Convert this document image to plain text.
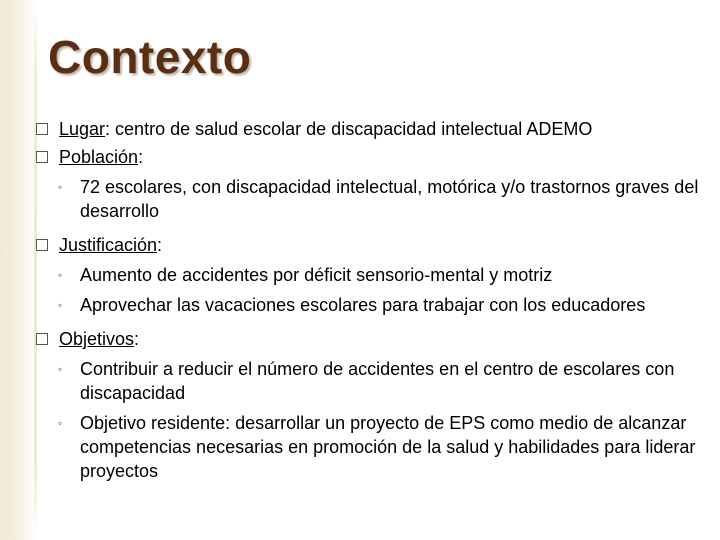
Contexto
Lugar: centro de salud escolar de discapacidad intelectual ADEMO
Población:
◦ 72 escolares, con discapacidad intelectual, motórica y/o trastornos graves del desarrollo
Justificación:
◦ Aumento de accidentes por déficit sensorio-mental y motriz
◦ Aprovechar las vacaciones escolares para trabajar con los educadores
Objetivos:
◦ Contribuir a reducir el número de accidentes en el centro de escolares con discapacidad
◦ Objetivo residente: desarrollar un proyecto de EPS como medio de alcanzar competencias necesarias en promoción de la salud y habilidades para liderar proyectos
